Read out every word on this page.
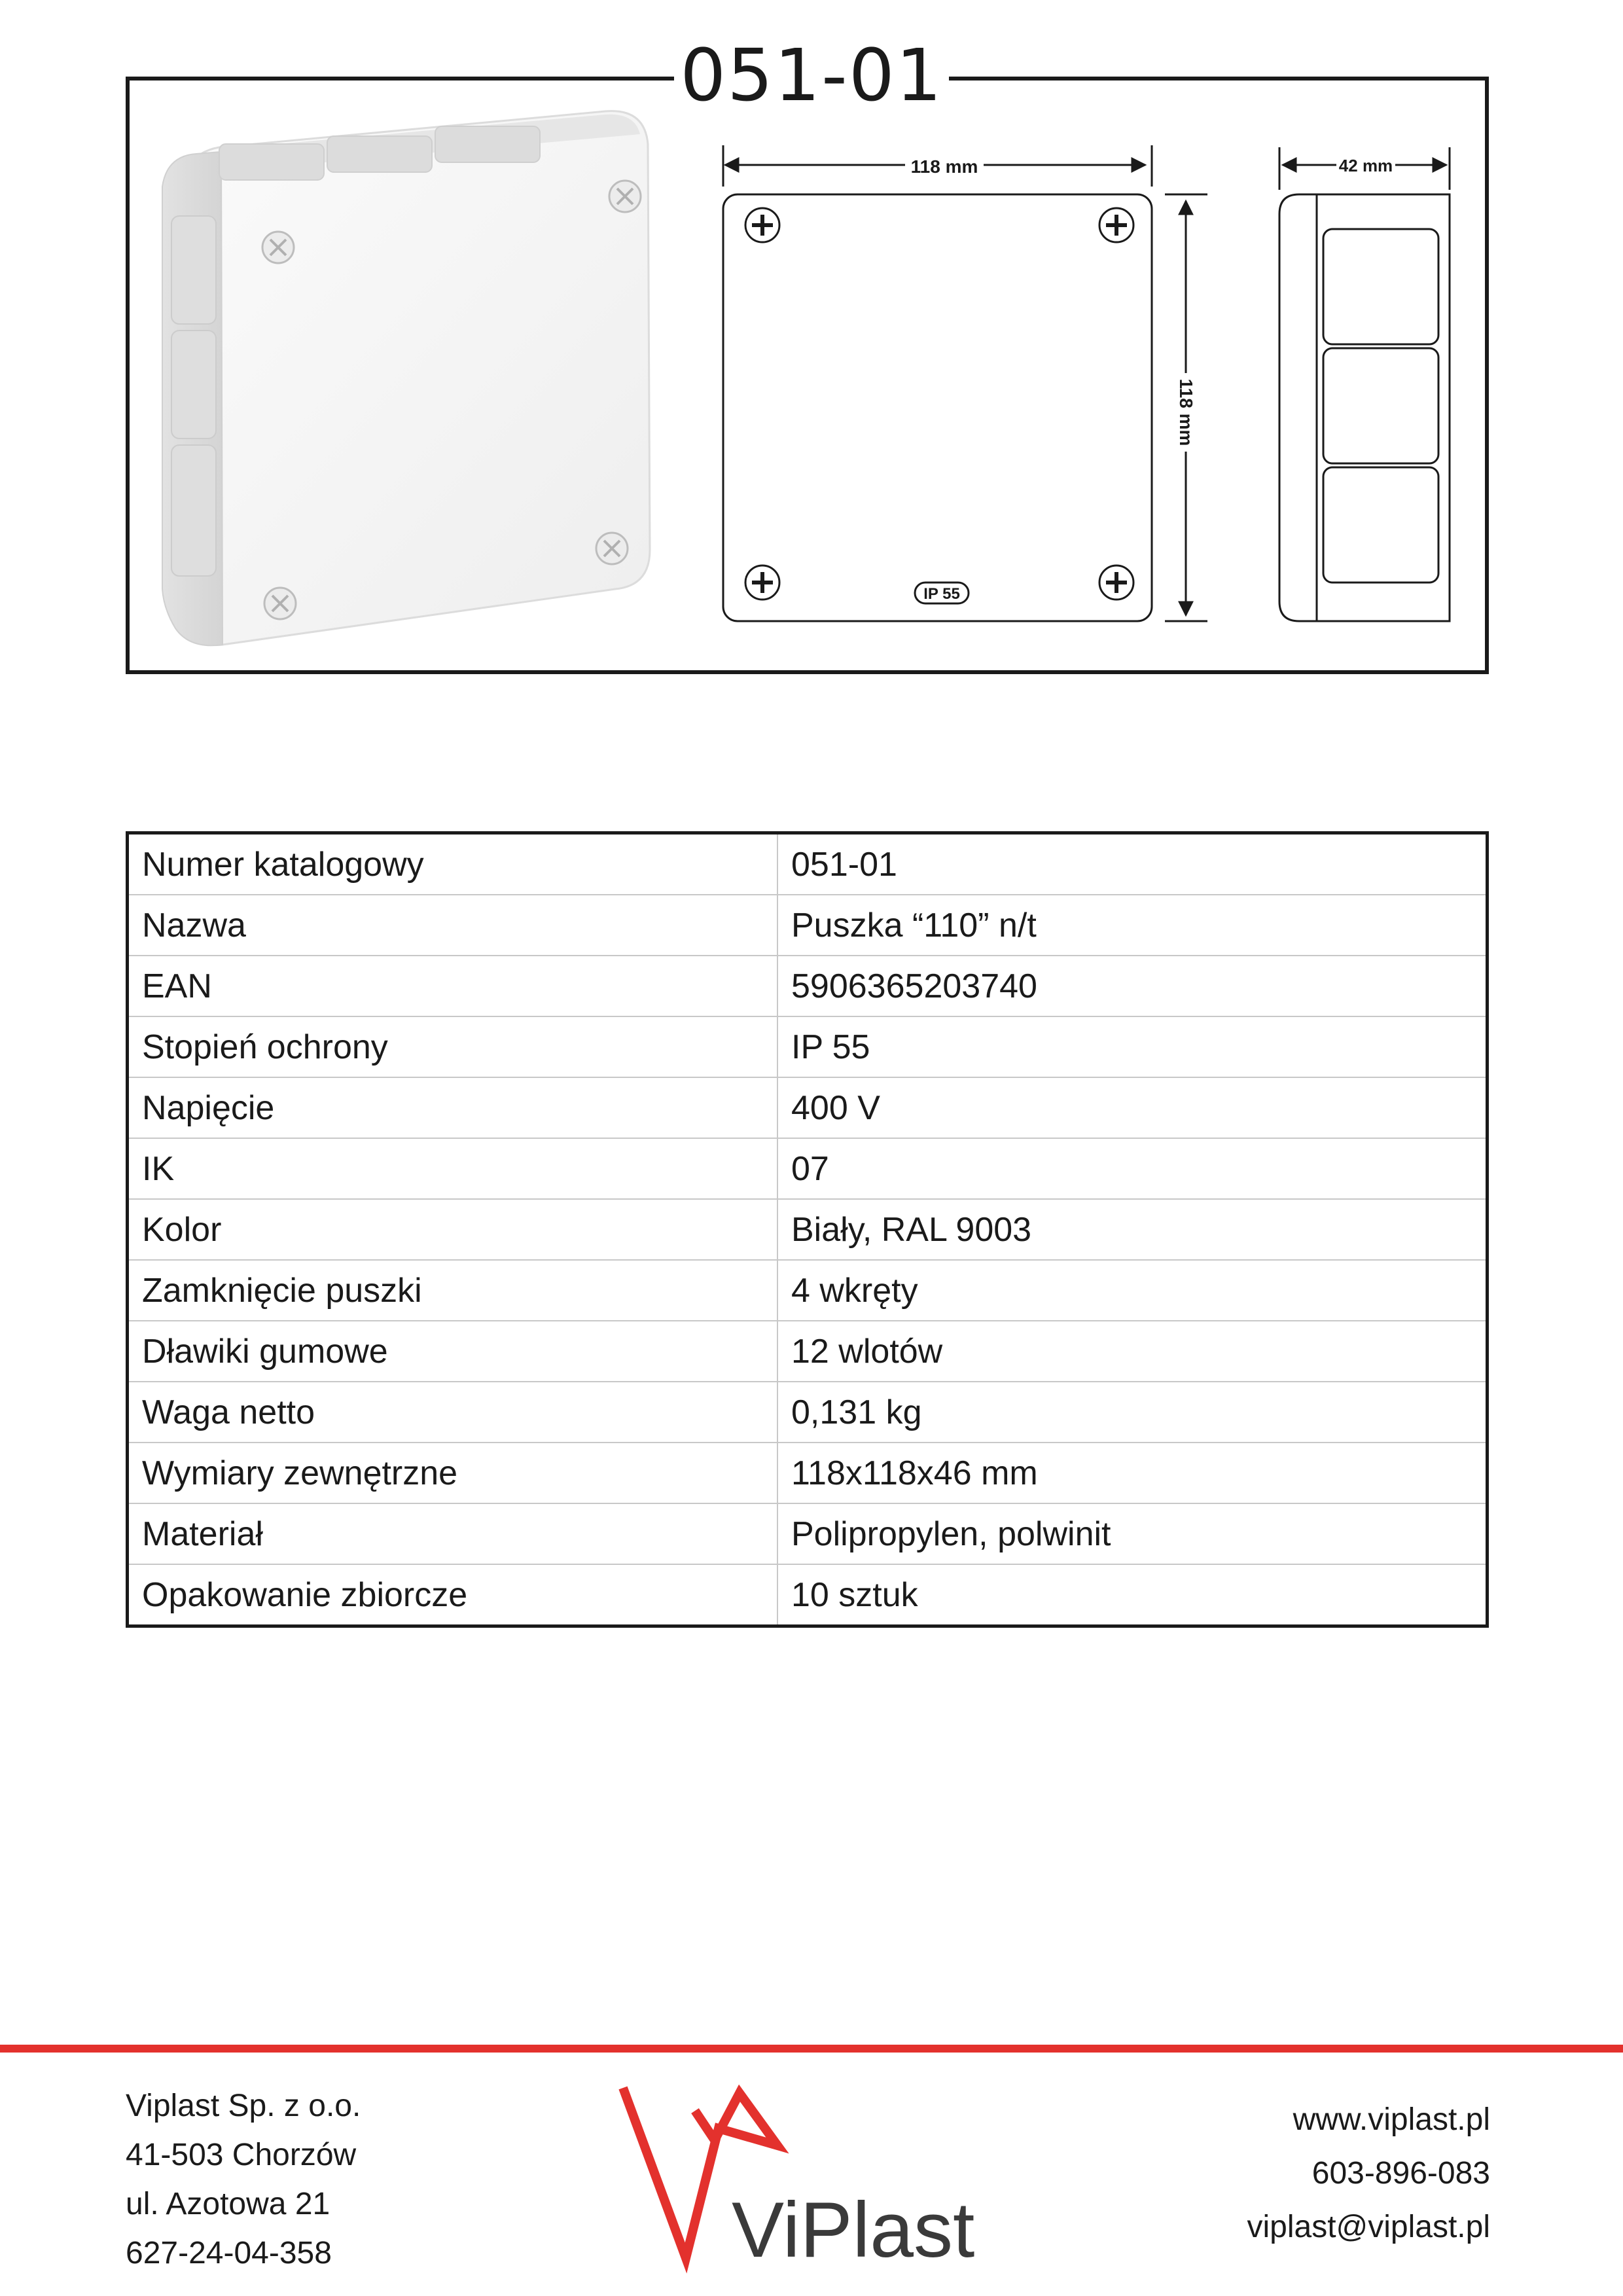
051-01
118 mm
IP 55
118 mm
42 mm
Numer katalogowy	051-01
Nazwa	Puszka “110” n/t
EAN	5906365203740
Stopień ochrony	IP 55
Napięcie	400 V
IK	07
Kolor	Biały, RAL 9003
Zamknięcie puszki	4 wkręty
Dławiki gumowe	12 wlotów
Waga netto	0,131 kg
Wymiary zewnętrzne	118x118x46 mm
Materiał	Polipropylen, polwinit
Opakowanie zbiorcze	10 sztuk
Viplast Sp. z o.o.
41-503 Chorzów
ul. Azotowa 21
627-24-04-358	ViPlast
www.viplast.pl
603-896-083
viplast@viplast.pl
